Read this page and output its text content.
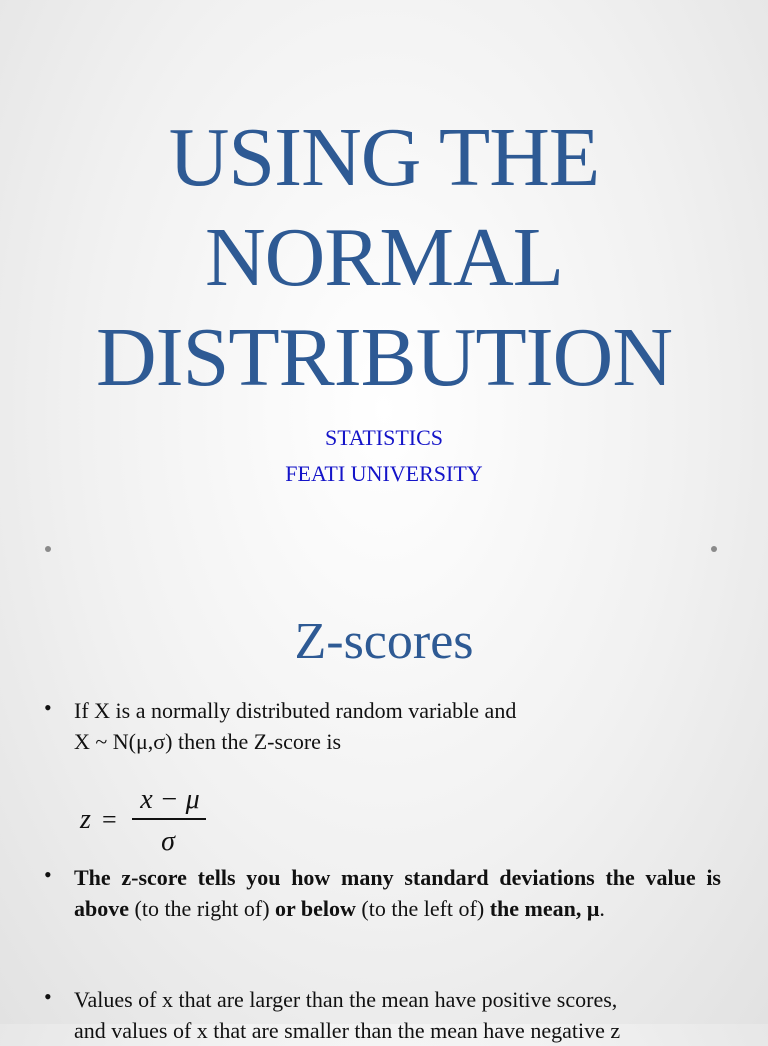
USING THE
NORMAL
DISTRIBUTION
STATISTICS
FEATI UNIVERSITY
Z-scores
• If X is a normally distributed random variable and
X ~ N(μ,σ) then the Z-score is
z =
x − μ
σ
• The z-score tells you how many standard deviations the value is above (to the right of) or below (to the left of) the mean, μ.
• Values of x that are larger than the mean have positive scores,
and values of x that are smaller than the mean have negative z
